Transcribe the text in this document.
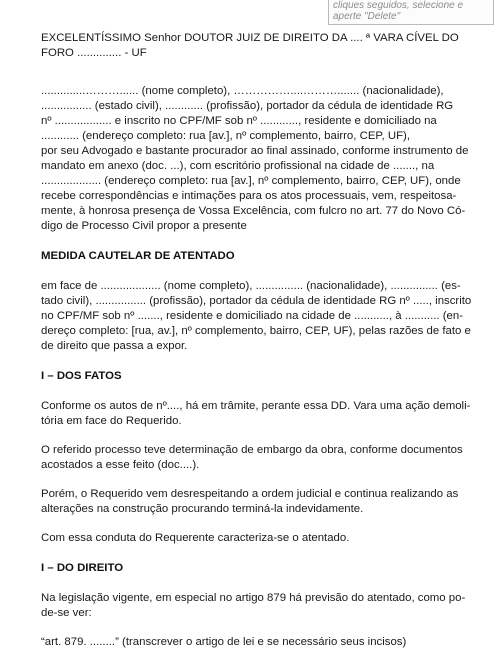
cliques seguidos, selecione e
aperte "Delete"

EXCELENTÍSSIMO Senhor DOUTOR JUIZ DE DIREITO DA .... ª VARA CÍVEL DO
FORO .............. - UF

..............………...... (nome completo), ……………....………....... (nacionalidade),
................ (estado civil), ............ (profissão), portador da cédula de identidade RG
nº .................. e inscrito no CPF/MF sob nº ............, residente e domiciliado na
............ (endereço completo: rua [av.], nº complemento, bairro, CEP, UF),
por seu Advogado e bastante procurador ao final assinado, conforme instrumento de
mandato em anexo (doc. ...), com escritório profissional na cidade de ......., na
................... (endereço completo: rua [av.], nº complemento, bairro, CEP, UF), onde
recebe correspondências e intimações para os atos processuais, vem, respeitosa-
mente, à honrosa presença de Vossa Excelência, com fulcro no art. 77 do Novo Có-
digo de Processo Civil propor a presente

MEDIDA CAUTELAR DE ATENTADO

em face de ................... (nome completo), ............... (nacionalidade), ............... (es-
tado civil), ................ (profissão), portador da cédula de identidade RG nº ....., inscrito
no CPF/MF sob nº ......., residente e domiciliado na cidade de ..........., à ........... (en-
dereço completo: [rua, av.], nº complemento, bairro, CEP, UF), pelas razões de fato e
de direito que passa a expor.

I – DOS FATOS

Conforme os autos de nº...., há em trâmite, perante essa DD. Vara uma ação demoli-
tória em face do Requerido.

O referido processo teve determinação de embargo da obra, conforme documentos
acostados a esse feito (doc....).

Porém, o Requerido vem desrespeitando a ordem judicial e continua realizando as
alterações na construção procurando terminá-la indevidamente.

Com essa conduta do Requerente caracteriza-se o atentado.

I – DO DIREITO

Na legislação vigente, em especial no artigo 879 há previsão do atentado, como po-
de-se ver:

“art. 879. ........” (transcrever o artigo de lei e se necessário seus incisos)
